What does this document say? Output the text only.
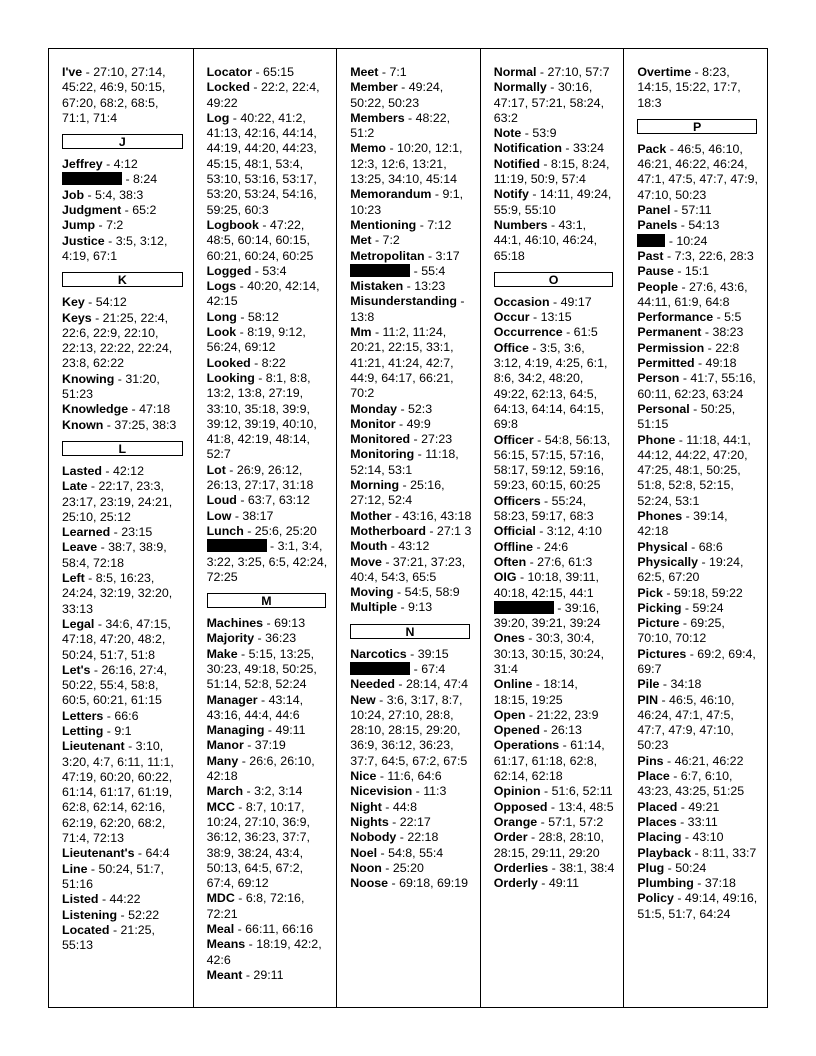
I've - 27:10, 27:14, 45:22, 46:9, 50:15, 67:20, 68:2, 68:5, 71:1, 71:4
J
Jeffrey - 4:12
- 8:24
Job - 5:4, 38:3
Judgment - 65:2
Jump - 7:2
Justice - 3:5, 3:12, 4:19, 67:1
K
Key - 54:12
Keys - 21:25, 22:4, 22:6, 22:9, 22:10, 22:13, 22:22, 22:24, 23:8, 62:22
Knowing - 31:20, 51:23
Knowledge - 47:18
Known - 37:25, 38:3
L
Lasted - 42:12
Late - 22:17, 23:3, 23:17, 23:19, 24:21, 25:10, 25:12
Learned - 23:15
Leave - 38:7, 38:9, 58:4, 72:18
Left - 8:5, 16:23, 24:24, 32:19, 32:20, 33:13
Legal - 34:6, 47:15, 47:18, 47:20, 48:2, 50:24, 51:7, 51:8
Let's - 26:16, 27:4, 50:22, 55:4, 58:8, 60:5, 60:21, 61:15
Letters - 66:6
Letting - 9:1
Lieutenant - 3:10, 3:20, 4:7, 6:11, 11:1, 47:19, 60:20, 60:22, 61:14, 61:17, 61:19, 62:8, 62:14, 62:16, 62:19, 62:20, 68:2, 71:4, 72:13
Lieutenant's - 64:4
Line - 50:24, 51:7, 51:16
Listed - 44:22
Listening - 52:22
Located - 21:25, 55:13
Locator - 65:15
Locked - 22:2, 22:4, 49:22
Log - 40:22, 41:2, 41:13, 42:16, 44:14, 44:19, 44:20, 44:23, 45:15, 48:1, 53:4, 53:10, 53:16, 53:17, 53:20, 53:24, 54:16, 59:25, 60:3
Logbook - 47:22, 48:5, 60:14, 60:15, 60:21, 60:24, 60:25
Logged - 53:4
Logs - 40:20, 42:14, 42:15
Long - 58:12
Look - 8:19, 9:12, 56:24, 69:12
Looked - 8:22
Looking - 8:1, 8:8, 13:2, 13:8, 27:19, 33:10, 35:18, 39:9, 39:12, 39:19, 40:10, 41:8, 42:19, 48:14, 52:7
Lot - 26:9, 26:12, 26:13, 27:17, 31:18
Loud - 63:7, 63:12
Low - 38:17
Lunch - 25:6, 25:20
- 3:1, 3:4, 3:22, 3:25, 6:5, 42:24, 72:25
M
Machines - 69:13
Majority - 36:23
Make - 5:15, 13:25, 30:23, 49:18, 50:25, 51:14, 52:8, 52:24
Manager - 43:14, 43:16, 44:4, 44:6
Managing - 49:11
Manor - 37:19
Many - 26:6, 26:10, 42:18
March - 3:2, 3:14
MCC - 8:7, 10:17, 10:24, 27:10, 36:9, 36:12, 36:23, 37:7, 38:9, 38:24, 43:4, 50:13, 64:5, 67:2, 67:4, 69:12
MDC - 6:8, 72:16, 72:21
Meal - 66:11, 66:16
Means - 18:19, 42:2, 42:6
Meant - 29:11
Meet - 7:1
Member - 49:24, 50:22, 50:23
Members - 48:22, 51:2
Memo - 10:20, 12:1, 12:3, 12:6, 13:21, 13:25, 34:10, 45:14
Memorandum - 9:1, 10:23
Mentioning - 7:12
Met - 7:2
Metropolitan - 3:17
- 55:4
Mistaken - 13:23
Misunderstanding - 13:8
Mm - 11:2, 11:24, 20:21, 22:15, 33:1, 41:21, 41:24, 42:7, 44:9, 64:17, 66:21, 70:2
Monday - 52:3
Monitor - 49:9
Monitored - 27:23
Monitoring - 11:18, 52:14, 53:1
Morning - 25:16, 27:12, 52:4
Mother - 43:16, 43:18
Motherboard - 27:1 3
Mouth - 43:12
Move - 37:21, 37:23, 40:4, 54:3, 65:5
Moving - 54:5, 58:9
Multiple - 9:13
N
Narcotics - 39:15
- 67:4
Needed - 28:14, 47:4
New - 3:6, 3:17, 8:7, 10:24, 27:10, 28:8, 28:10, 28:15, 29:20, 36:9, 36:12, 36:23, 37:7, 64:5, 67:2, 67:5
Nice - 11:6, 64:6
Nicevision - 11:3
Night - 44:8
Nights - 22:17
Nobody - 22:18
Noel - 54:8, 55:4
Noon - 25:20
Noose - 69:18, 69:19
Normal - 27:10, 57:7
Normally - 30:16, 47:17, 57:21, 58:24, 63:2
Note - 53:9
Notification - 33:24
Notified - 8:15, 8:24, 11:19, 50:9, 57:4
Notify - 14:11, 49:24, 55:9, 55:10
Numbers - 43:1, 44:1, 46:10, 46:24, 65:18
O
Occasion - 49:17
Occur - 13:15
Occurrence - 61:5
Office - 3:5, 3:6, 3:12, 4:19, 4:25, 6:1, 8:6, 34:2, 48:20, 49:22, 62:13, 64:5, 64:13, 64:14, 64:15, 69:8
Officer - 54:8, 56:13, 56:15, 57:15, 57:16, 58:17, 59:12, 59:16, 59:23, 60:15, 60:25
Officers - 55:24, 58:23, 59:17, 68:3
Official - 3:12, 4:10
Offline - 24:6
Often - 27:6, 61:3
OIG - 10:18, 39:11, 40:18, 42:15, 44:1
- 39:16, 39:20, 39:21, 39:24
Ones - 30:3, 30:4, 30:13, 30:15, 30:24, 31:4
Online - 18:14, 18:15, 19:25
Open - 21:22, 23:9
Opened - 26:13
Operations - 61:14, 61:17, 61:18, 62:8, 62:14, 62:18
Opinion - 51:6, 52:11
Opposed - 13:4, 48:5
Orange - 57:1, 57:2
Order - 28:8, 28:10, 28:15, 29:11, 29:20
Orderlies - 38:1, 38:4
Orderly - 49:11
Overtime - 8:23, 14:15, 15:22, 17:7, 18:3
P
Pack - 46:5, 46:10, 46:21, 46:22, 46:24, 47:1, 47:5, 47:7, 47:9, 47:10, 50:23
Panel - 57:11
Panels - 54:13
- 10:24
Past - 7:3, 22:6, 28:3
Pause - 15:1
People - 27:6, 43:6, 44:11, 61:9, 64:8
Performance - 5:5
Permanent - 38:23
Permission - 22:8
Permitted - 49:18
Person - 41:7, 55:16, 60:11, 62:23, 63:24
Personal - 50:25, 51:15
Phone - 11:18, 44:1, 44:12, 44:22, 47:20, 47:25, 48:1, 50:25, 51:8, 52:8, 52:15, 52:24, 53:1
Phones - 39:14, 42:18
Physical - 68:6
Physically - 19:24, 62:5, 67:20
Pick - 59:18, 59:22
Picking - 59:24
Picture - 69:25, 70:10, 70:12
Pictures - 69:2, 69:4, 69:7
Pile - 34:18
PIN - 46:5, 46:10, 46:24, 47:1, 47:5, 47:7, 47:9, 47:10, 50:23
Pins - 46:21, 46:22
Place - 6:7, 6:10, 43:23, 43:25, 51:25
Placed - 49:21
Places - 33:11
Placing - 43:10
Playback - 8:11, 33:7
Plug - 50:24
Plumbing - 37:18
Policy - 49:14, 49:16, 51:5, 51:7, 64:24
